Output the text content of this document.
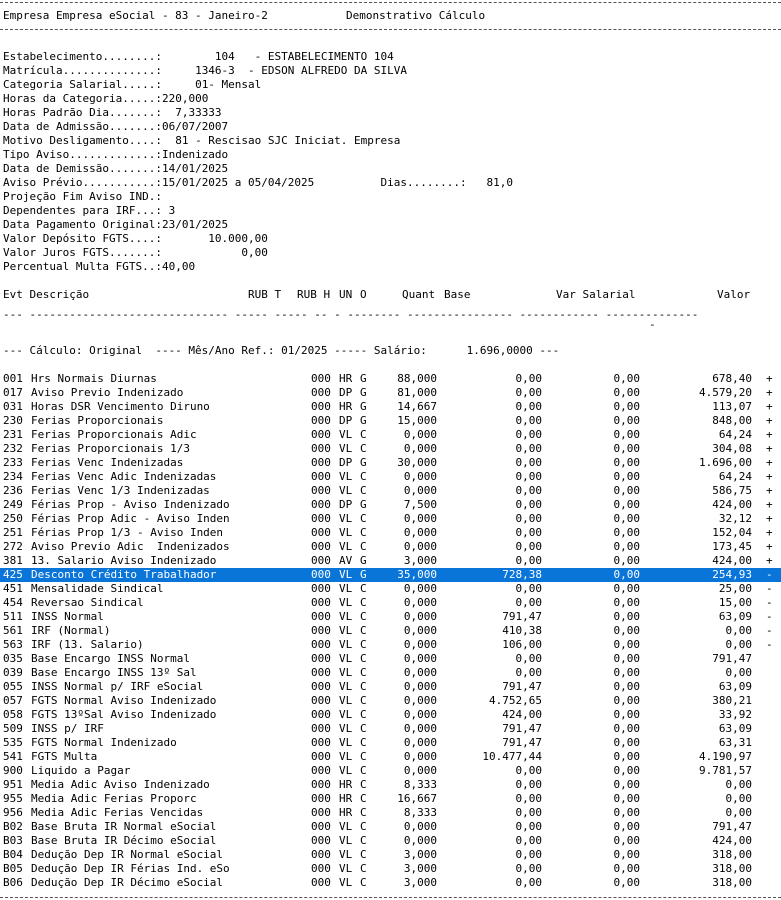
Empresa Empresa eSocial - 83 - Janeiro-2	Demonstrativo Cálculo
Estabelecimento........:        104   - ESTABELECIMENTO 104
Matrícula..............:     1346-3  - EDSON ALFREDO DA SILVA
Categoria Salarial.....:     01- Mensal
Horas da Categoria.....:220,000
Horas Padrão Dia.......:  7,33333
Data de Admissão.......:06/07/2007
Motivo Desligamento....:  81 - Rescisao SJC Iniciat. Empresa
Tipo Aviso.............:Indenizado
Data de Demissão.......:14/01/2025
Aviso Prévio...........:15/01/2025 a 05/04/2025          Dias........:   81,0
Projeção Fim Aviso IND.:
Dependentes para IRF...: 3
Data Pagamento Original:23/01/2025
Valor Depósito FGTS....:       10.000,00
Valor Juros FGTS.......:            0,00
Percentual Multa FGTS..:40,00
Evt Descrição	RUB T RUB H UN O	Quant Base	Var Salarial	Valor
--- ------------------------------ ----- ----- -- - -------- ---------------- ------------ --------------
-
--- Cálculo: Original  ---- Mês/Ano Ref.: 01/2025 ----- Salário:      1.696,0000 ---
001 Hrs Normais Diurnas	000 HR G	88,000	0,00	0,00	678,40 +
017 Aviso Previo Indenizado	000 DP G	81,000	0,00	0,00	4.579,20 +
031 Horas DSR Vencimento Diruno	000 HR G	14,667	0,00	0,00	113,07 +
230 Ferias Proporcionais	000 DP G	15,000	0,00	0,00	848,00 +
231 Ferias Proporcionais Adic	000 VL C	0,000	0,00	0,00	64,24 +
232 Ferias Proporcionais 1/3	000 VL C	0,000	0,00	0,00	304,08 +
233 Ferias Venc Indenizadas	000 DP G	30,000	0,00	0,00	1.696,00 +
234 Ferias Venc Adic Indenizadas	000 VL C	0,000	0,00	0,00	64,24 +
236 Ferias Venc 1/3 Indenizadas	000 VL C	0,000	0,00	0,00	586,75 +
249 Férias Prop - Aviso Indenizado	000 DP G	7,500	0,00	0,00	424,00 +
250 Férias Prop Adic - Aviso Inden	000 VL C	0,000	0,00	0,00	32,12 +
251 Férias Prop 1/3 - Aviso Inden	000 VL C	0,000	0,00	0,00	152,04 +
272 Aviso Previo Adic  Indenizados	000 VL C	0,000	0,00	0,00	173,45 +
381 13. Salario Aviso Indenizado	000 AV G	3,000	0,00	0,00	424,00 +
425 Desconto Crédito Trabalhador	000 VL G	35,000	728,38	0,00	254,93 -
451 Mensalidade Sindical	000 VL C	0,000	0,00	0,00	25,00 -
454 Reversao Sindical	000 VL C	0,000	0,00	0,00	15,00 -
511 INSS Normal	000 VL C	0,000	791,47	0,00	63,09 -
561 IRF (Normal)	000 VL C	0,000	410,38	0,00	0,00 -
563 IRF (13. Salario)	000 VL C	0,000	106,00	0,00	0,00 -
035 Base Encargo INSS Normal	000 VL C	0,000	0,00	0,00	791,47
039 Base Encargo INSS 13º Sal	000 VL C	0,000	0,00	0,00	0,00
055 INSS Normal p/ IRF eSocial	000 VL C	0,000	791,47	0,00	63,09
057 FGTS Normal Aviso Indenizado	000 VL C	0,000	4.752,65	0,00	380,21
058 FGTS 13ºSal Aviso Indenizado	000 VL C	0,000	424,00	0,00	33,92
509 INSS p/ IRF	000 VL C	0,000	791,47	0,00	63,09
535 FGTS Normal Indenizado	000 VL C	0,000	791,47	0,00	63,31
541 FGTS Multa	000 VL C	0,000	10.477,44	0,00	4.190,97
900 Liquido a Pagar	000 VL C	0,000	0,00	0,00	9.781,57
951 Media Adic Aviso Indenizado	000 HR C	8,333	0,00	0,00	0,00
955 Media Adic Ferias Proporc	000 HR C	16,667	0,00	0,00	0,00
956 Media Adic Ferias Vencidas	000 HR C	8,333	0,00	0,00	0,00
B02 Base Bruta IR Normal eSocial	000 VL C	0,000	0,00	0,00	791,47
B03 Base Bruta IR Décimo eSocial	000 VL C	0,000	0,00	0,00	424,00
B04 Dedução Dep IR Normal eSocial	000 VL C	3,000	0,00	0,00	318,00
B05 Dedução Dep IR Férias Ind. eSo	000 VL C	3,000	0,00	0,00	318,00
B06 Dedução Dep IR Décimo eSocial	000 VL C	3,000	0,00	0,00	318,00
